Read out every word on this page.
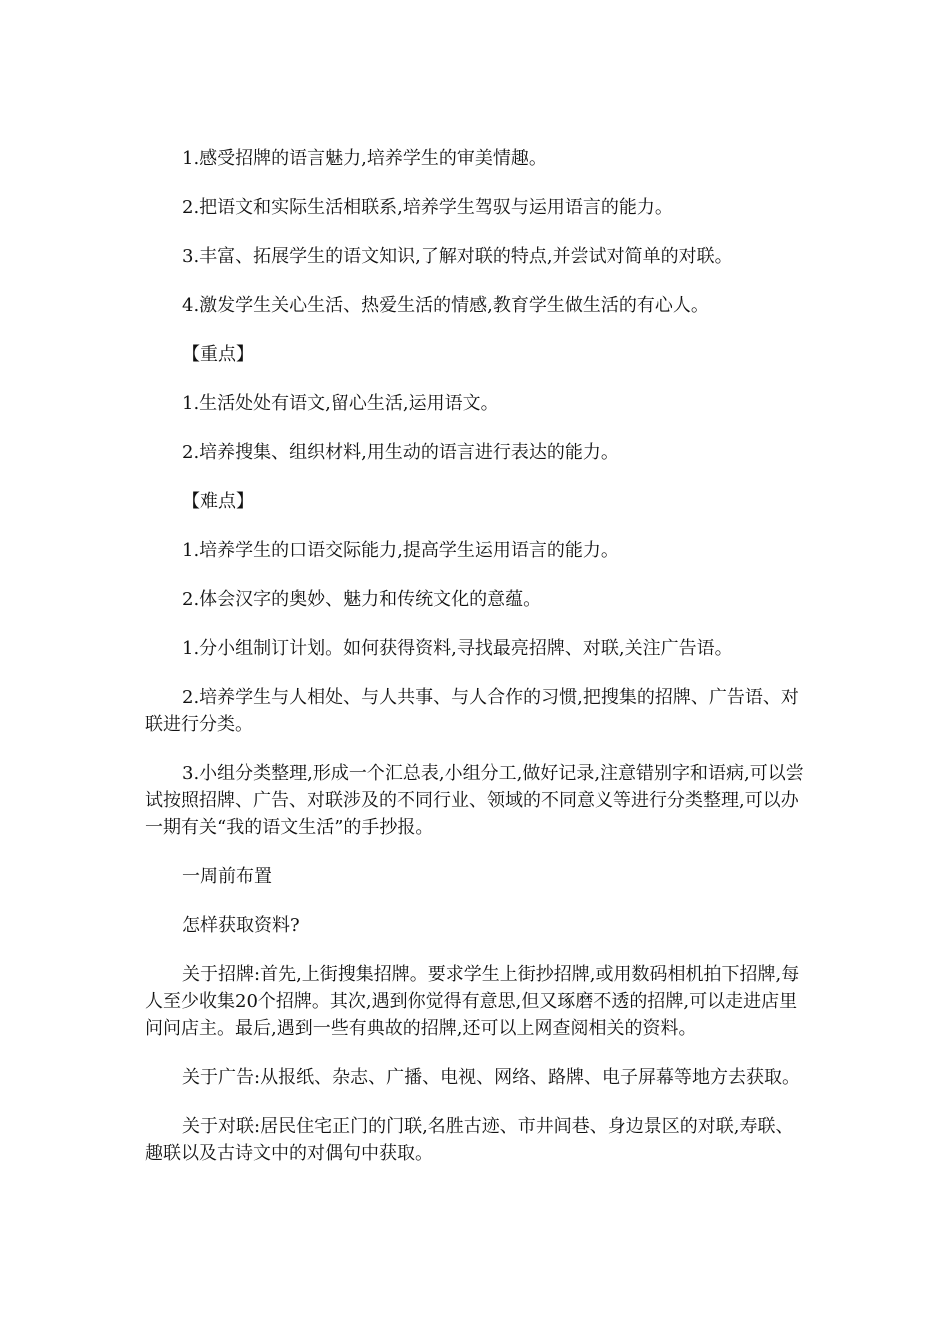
1.感受招牌的语言魅力,培养学生的审美情趣。

2.把语文和实际生活相联系,培养学生驾驭与运用语言的能力。

3.丰富、拓展学生的语文知识,了解对联的特点,并尝试对简单的对联。

4.激发学生关心生活、热爱生活的情感,教育学生做生活的有心人。

【重点】

1.生活处处有语文,留心生活,运用语文。

2.培养搜集、组织材料,用生动的语言进行表达的能力。

【难点】

1.培养学生的口语交际能力,提高学生运用语言的能力。

2.体会汉字的奥妙、魅力和传统文化的意蕴。

1.分小组制订计划。如何获得资料,寻找最亮招牌、对联,关注广告语。

2.培养学生与人相处、与人共事、与人合作的习惯,把搜集的招牌、广告语、对联进行分类。

3.小组分类整理,形成一个汇总表,小组分工,做好记录,注意错别字和语病,可以尝试按照招牌、广告、对联涉及的不同行业、领域的不同意义等进行分类整理,可以办一期有关“我的语文生活”的手抄报。

一周前布置

怎样获取资料?

关于招牌:首先,上街搜集招牌。要求学生上街抄招牌,或用数码相机拍下招牌,每人至少收集20个招牌。其次,遇到你觉得有意思,但又琢磨不透的招牌,可以走进店里问问店主。最后,遇到一些有典故的招牌,还可以上网查阅相关的资料。

关于广告:从报纸、杂志、广播、电视、网络、路牌、电子屏幕等地方去获取。

关于对联:居民住宅正门的门联,名胜古迹、市井闾巷、身边景区的对联,寿联、趣联以及古诗文中的对偶句中获取。
